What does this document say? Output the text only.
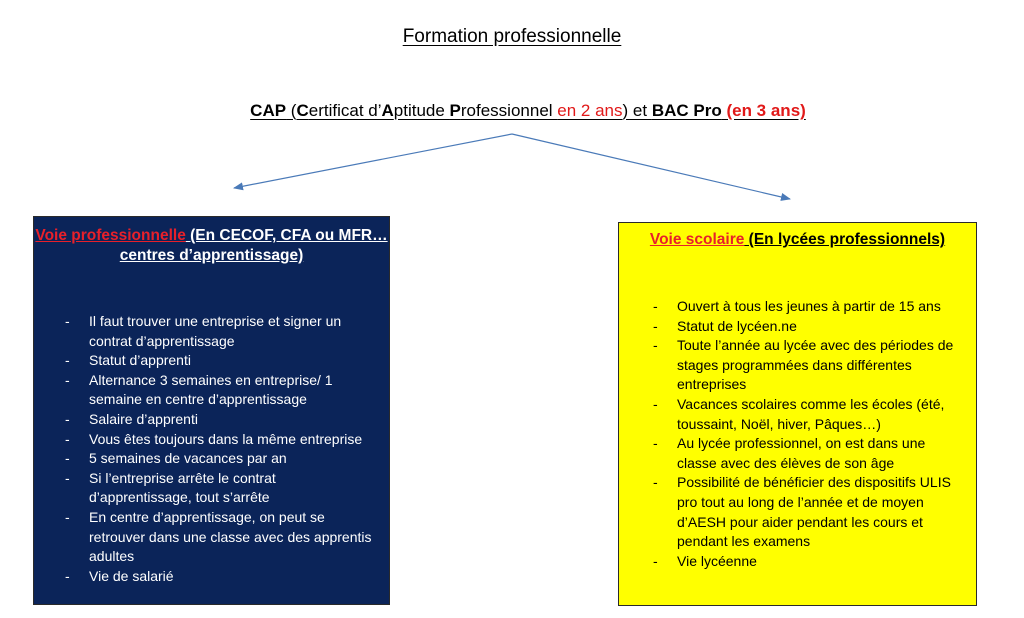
Formation professionnelle
CAP (Certificat d’Aptitude Professionnel en 2 ans) et BAC Pro (en 3 ans)

Voie professionnelle (En CECOF, CFA ou MFR… centres d’apprentissage)

- Il faut trouver une entreprise et signer un contrat d’apprentissage
- Statut d’apprenti
- Alternance 3 semaines en entreprise/ 1 semaine en centre d’apprentissage
- Salaire d’apprenti
- Vous êtes toujours dans la même entreprise
- 5 semaines de vacances par an
- Si l’entreprise arrête le contrat d’apprentissage, tout s’arrête
- En centre d’apprentissage, on peut se retrouver dans une classe avec des apprentis adultes
- Vie de salarié

Voie scolaire (En lycées professionnels)

- Ouvert à tous les jeunes à partir de 15 ans
- Statut de lycéen.ne
- Toute l’année au lycée avec des périodes de stages programmées dans différentes entreprises
- Vacances scolaires comme les écoles (été, toussaint, Noël, hiver, Pâques…)
- Au lycée professionnel, on est dans une classe avec des élèves de son âge
- Possibilité de bénéficier des dispositifs ULIS pro tout au long de l’année et de moyen d’AESH pour aider pendant les cours et pendant les examens
- Vie lycéenne
